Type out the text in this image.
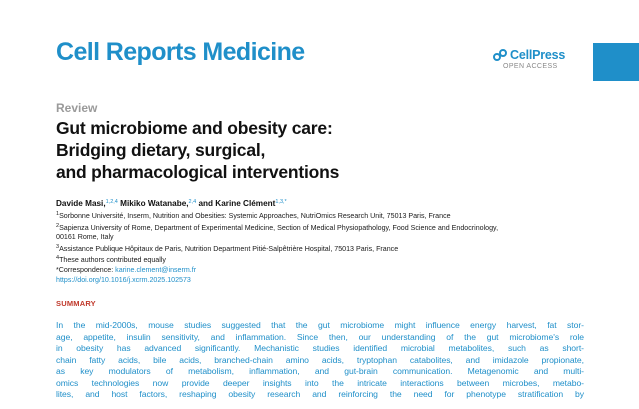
Cell Reports Medicine	CellPress
OPEN ACCESS
Review
Gut microbiome and obesity care:
Bridging dietary, surgical,
and pharmacological interventions
Davide Masi,$^{1,2,4}$ Mikiko Watanabe,$^{2,4}$ and Karine Clément$^{1,3,*}$
$^1$Sorbonne Université, Inserm, Nutrition and Obesities: Systemic Approaches, NutriOmics Research Unit, 75013 Paris, France
$^2$Sapienza University of Rome, Department of Experimental Medicine, Section of Medical Physiopathology, Food Science and Endocrinology,
00161 Rome, Italy
$^3$Assistance Publique Hôpitaux de Paris, Nutrition Department Pitié-Salpêtrière Hospital, 75013 Paris, France
$^4$These authors contributed equally
*Correspondence: karine.clement@inserm.fr
https://doi.org/10.1016/j.xcrm.2025.102573
SUMMARY
In the mid-2000s, mouse studies suggested that the gut microbiome might influence energy harvest, fat stor-
age, appetite, insulin sensitivity, and inflammation. Since then, our understanding of the gut microbiome's role
in obesity has advanced significantly. Mechanistic studies identified microbial metabolites, such as short-
chain fatty acids, bile acids, branched-chain amino acids, tryptophan catabolites, and imidazole propionate,
as key modulators of metabolism, inflammation, and gut-brain communication. Metagenomic and multi-
omics technologies now provide deeper insights into the intricate interactions between microbes, metabo-
lites, and host factors, reshaping obesity research and reinforcing the need for phenotype stratification by
